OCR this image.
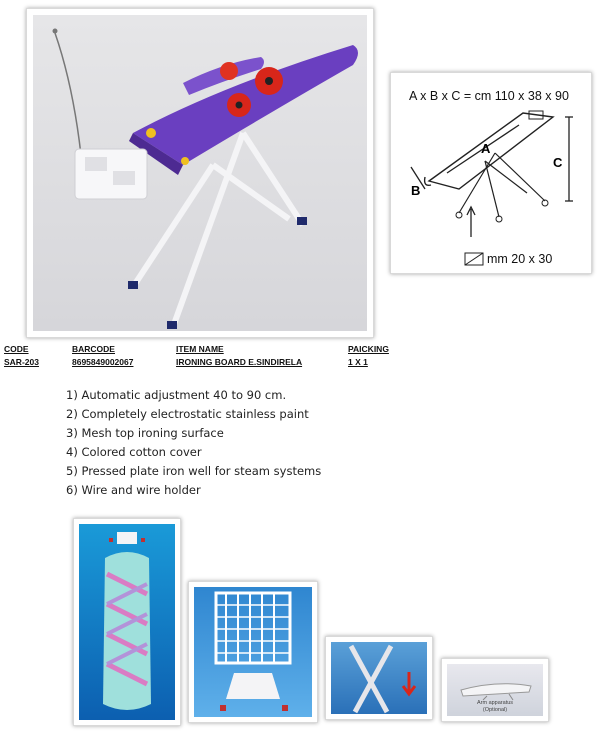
A x B x C = cm 110 x 38 x 90
A
B
C
mm 20 x 30
CODE	BARCODE	ITEM NAME	PAICKING
SAR-203	8695849002067	IRONING BOARD E.SINDIRELA	1 X 1
1) Automatic adjustment 40 to 90 cm.
2) Completely electrostatic stainless paint
3) Mesh top ironing surface
4) Colored cotton cover
5) Pressed plate iron well for steam systems
6) Wire and wire holder
Arm apparatus
(Optional)
